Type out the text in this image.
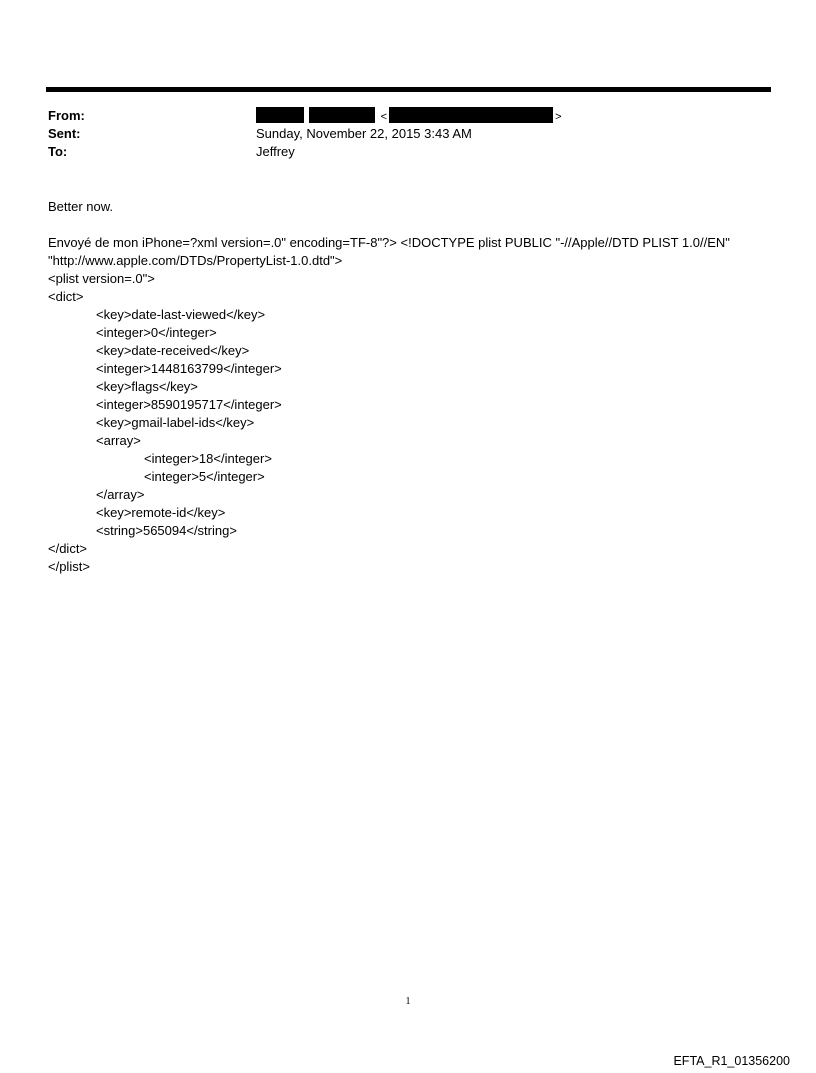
From:	<	>
Sent:	Sunday, November 22, 2015 3:43 AM
To:	Jeffrey
Better now.
Envoyé de mon iPhone=?xml version=.0" encoding=TF-8"?> <!DOCTYPE plist PUBLIC "-//Apple//DTD PLIST 1.0//EN"
"http://www.apple.com/DTDs/PropertyList-1.0.dtd">
<plist version=.0">
<dict>
<key>date-last-viewed</key>
<integer>0</integer>
<key>date-received</key>
<integer>1448163799</integer>
<key>flags</key>
<integer>8590195717</integer>
<key>gmail-label-ids</key>
<array>
<integer>18</integer>
<integer>5</integer>
</array>
<key>remote-id</key>
<string>565094</string>
</dict>
</plist>
1
EFTA_R1_01356200
